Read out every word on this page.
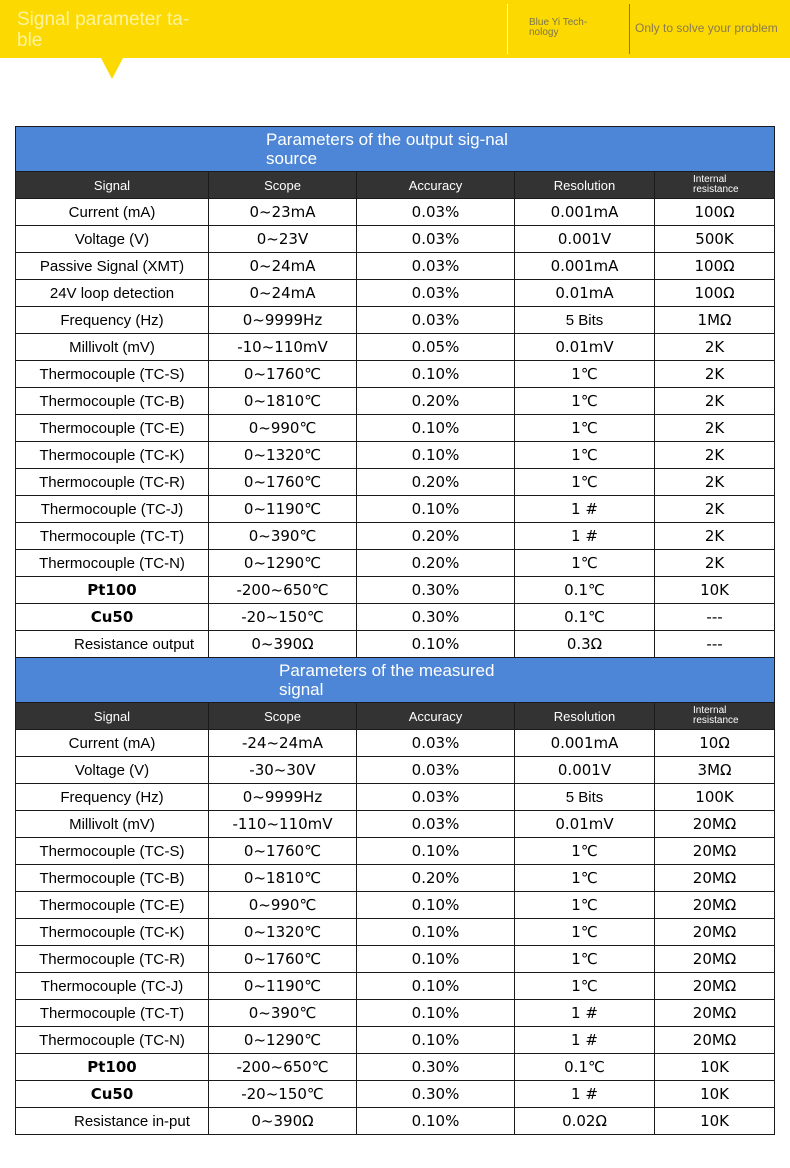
Signal parameter ta-ble
Blue Yi Tech-nology	Only to solve your problem
Parameters of the output sig-nal source				

Signal	Scope	Accuracy	Resolution	Internal resistance
Current (mA)	0~23mA	0.03%	0.001mA	100Ω
Voltage (V)	0~23V	0.03%	0.001V	500K
Passive Signal (XMT)	0~24mA	0.03%	0.001mA	100Ω
24V loop detection	0~24mA	0.03%	0.01mA	100Ω
Frequency (Hz)	0~9999Hz	0.03%	5 Bits	1MΩ
Millivolt (mV)	-10~110mV	0.05%	0.01mV	2K
Thermocouple (TC-S)	0~1760℃	0.10%	1℃	2K
Thermocouple (TC-B)	0~1810℃	0.20%	1℃	2K
Thermocouple (TC-E)	0~990℃	0.10%	1℃	2K
Thermocouple (TC-K)	0~1320℃	0.10%	1℃	2K
Thermocouple (TC-R)	0~1760℃	0.20%	1℃	2K
Thermocouple (TC-J)	0~1190℃	0.10%	1 #	2K
Thermocouple (TC-T)	0~390℃	0.20%	1 #	2K
Thermocouple (TC-N)	0~1290℃	0.20%	1℃	2K
Pt100	-200~650℃	0.30%	0.1℃	10K
Cu50	-20~150℃	0.30%	0.1℃	---
Resistance output	0~390Ω	0.10%	0.3Ω	---

Parameters of the measured signal				

Signal	Scope	Accuracy	Resolution	Internal resistance
Current (mA)	-24~24mA	0.03%	0.001mA	10Ω
Voltage (V)	-30~30V	0.03%	0.001V	3MΩ
Frequency (Hz)	0~9999Hz	0.03%	5 Bits	100K
Millivolt (mV)	-110~110mV	0.03%	0.01mV	20MΩ
Thermocouple (TC-S)	0~1760℃	0.10%	1℃	20MΩ
Thermocouple (TC-B)	0~1810℃	0.20%	1℃	20MΩ
Thermocouple (TC-E)	0~990℃	0.10%	1℃	20MΩ
Thermocouple (TC-K)	0~1320℃	0.10%	1℃	20MΩ
Thermocouple (TC-R)	0~1760℃	0.10%	1℃	20MΩ
Thermocouple (TC-J)	0~1190℃	0.10%	1℃	20MΩ
Thermocouple (TC-T)	0~390℃	0.10%	1 #	20MΩ
Thermocouple (TC-N)	0~1290℃	0.10%	1 #	20MΩ
Pt100	-200~650℃	0.30%	0.1℃	10K
Cu50	-20~150℃	0.30%	1 #	10K
Resistance in-put	0~390Ω	0.10%	0.02Ω	10K
